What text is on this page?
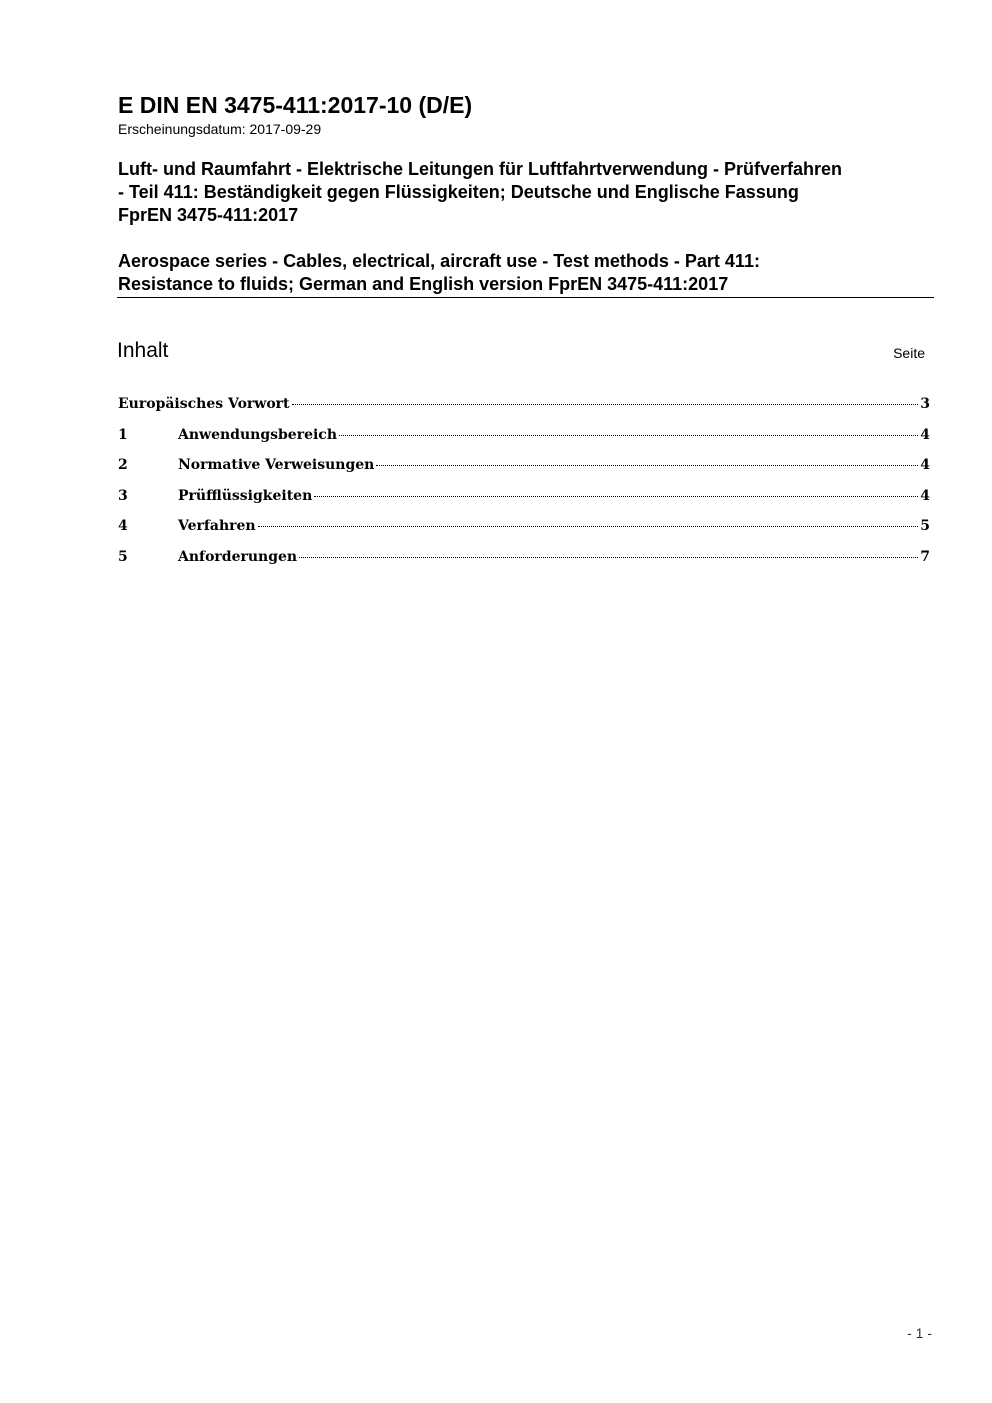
E DIN EN 3475-411:2017-10 (D/E)
Erscheinungsdatum: 2017-09-29
Luft- und Raumfahrt - Elektrische Leitungen für Luftfahrtverwendung - Prüfverfahren
- Teil 411: Beständigkeit gegen Flüssigkeiten; Deutsche und Englische Fassung
FprEN 3475-411:2017
Aerospace series - Cables, electrical, aircraft use - Test methods - Part 411:
Resistance to fluids; German and English version FprEN 3475-411:2017
Inhalt	Seite
Europäisches Vorwort	3
1	Anwendungsbereich	4
2	Normative Verweisungen	4
3	Prüfflüssigkeiten	4
4	Verfahren	5
5	Anforderungen	7
- 1 -
